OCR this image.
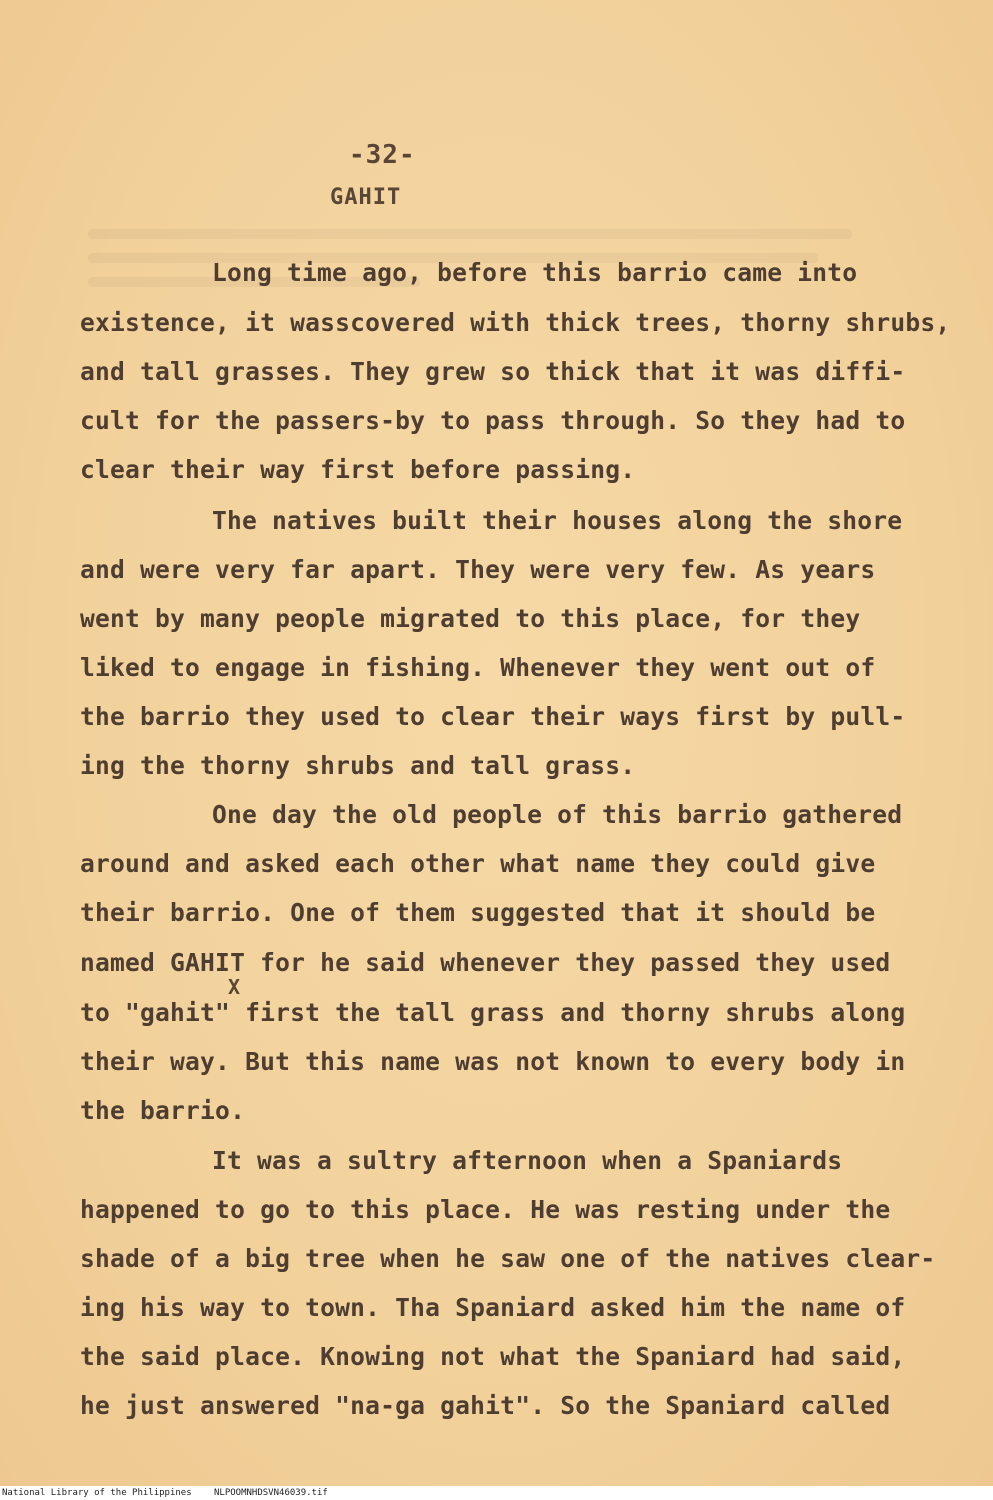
-32-
GAHIT
Long time ago, before this barrio came into
existence, it wasscovered with thick trees, thorny shrubs,
and tall grasses. They grew so thick that it was diffi-
cult for the passers-by to pass through. So they had to
clear their way first before passing.
The natives built their houses along the shore
and were very far apart. They were very few. As years
went by many people migrated to this place, for they
liked to engage in fishing. Whenever they went out of
the barrio they used to clear their ways first by pull-
ing the thorny shrubs and tall grass.
One day the old people of this barrio gathered
around and asked each other what name they could give
their barrio. One of them suggested that it should be
named GAHIT for he said whenever they passed they used
X
to "gahit" first the tall grass and thorny shrubs along
their way. But this name was not known to every body in
the barrio.
It was a sultry afternoon when a Spaniards
happened to go to this place. He was resting under the
shade of a big tree when he saw one of the natives clear-
ing his way to town. Tha Spaniard asked him the name of
the said place. Knowing not what the Spaniard had said,
he just answered "na-ga gahit". So the Spaniard called
National Library of the Philippines NLPOOMNHDSVN46039.tif
